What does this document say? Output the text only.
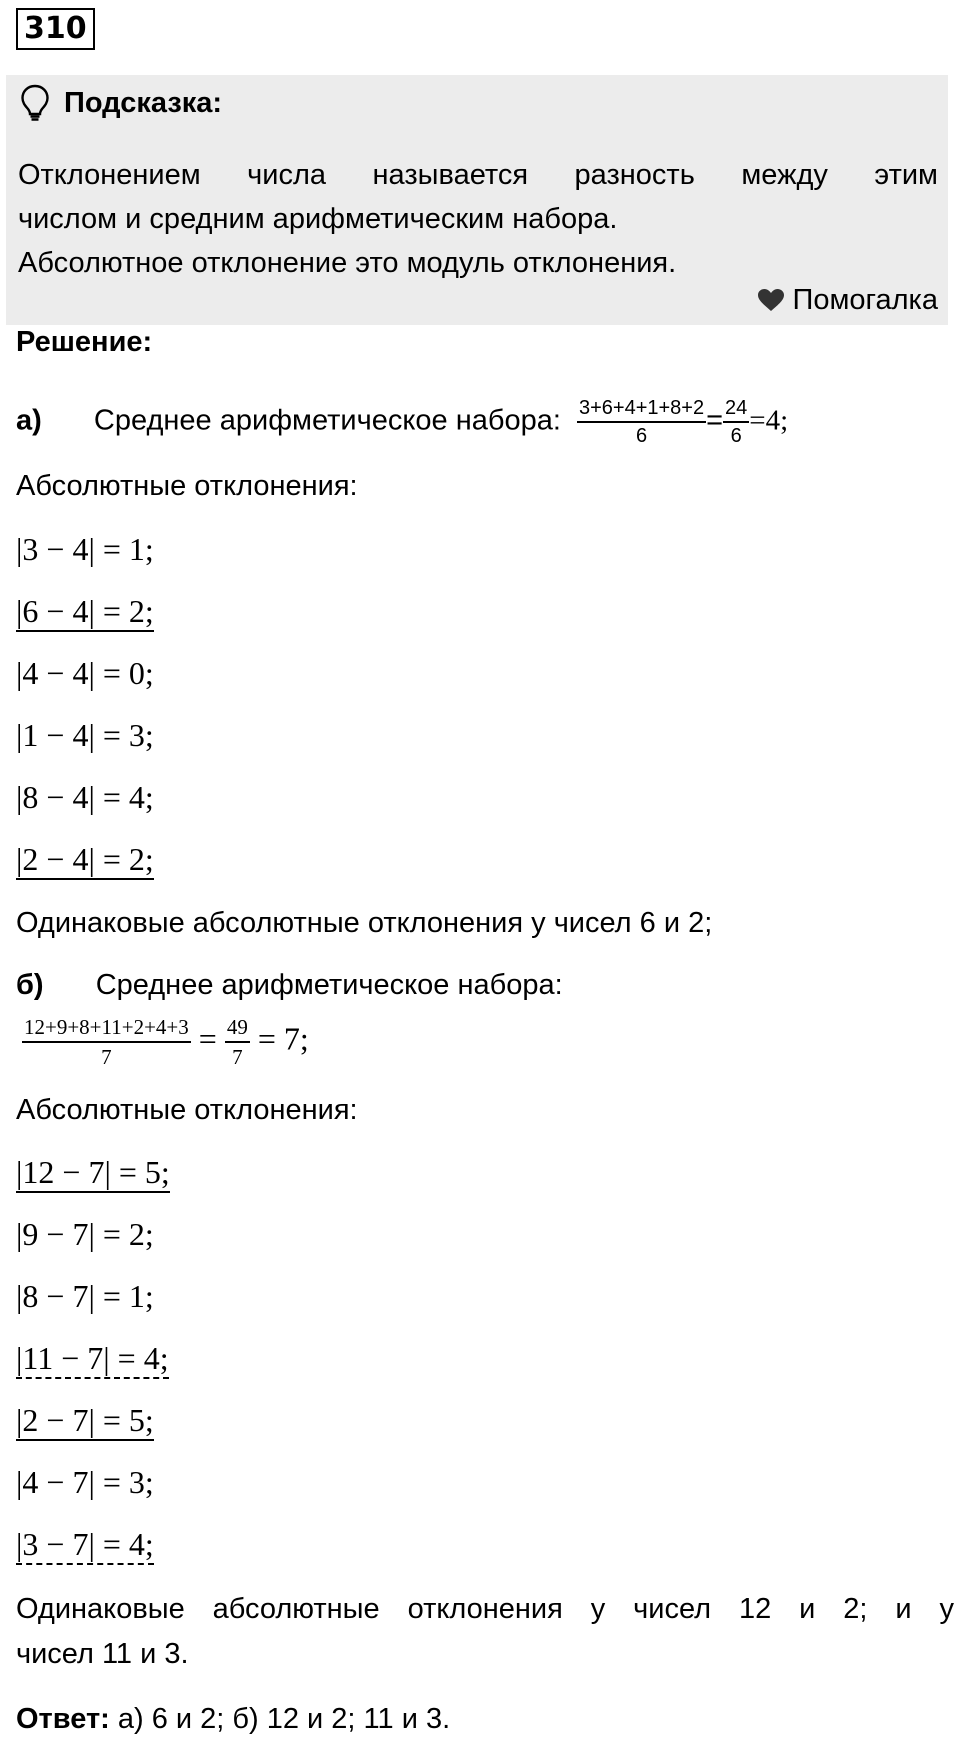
310
Подсказка:
Отклонением числа называется разность между этим
числом и средним арифметическим набора.
Абсолютное отклонение это модуль отклонения.
Помогалка
Решение:
а) Среднее арифметическое набора: $\frac{3+6+4+1+8+2}{6} = \frac{24}{6} =4$;
Абсолютные отклонения:
|3 − 4| = 1;
|6 − 4| = 2;
|4 − 4| = 0;
|1 − 4| = 3;
|8 − 4| = 4;
|2 − 4| = 2;
Одинаковые абсолютные отклонения у чисел 6 и 2;
б) Среднее арифметическое набора:
$\frac{12+9+8+11+2+4+3}{7} = \frac{49}{7} = 7$;
Абсолютные отклонения:
|12 − 7| = 5;
|9 − 7| = 2;
|8 − 7| = 1;
|11 − 7| = 4;
|2 − 7| = 5;
|4 − 7| = 3;
|3 − 7| = 4;
Одинаковые абсолютные отклонения у чисел 12 и 2; и у
чисел 11 и 3.
Ответ: а) 6 и 2; б) 12 и 2; 11 и 3.
